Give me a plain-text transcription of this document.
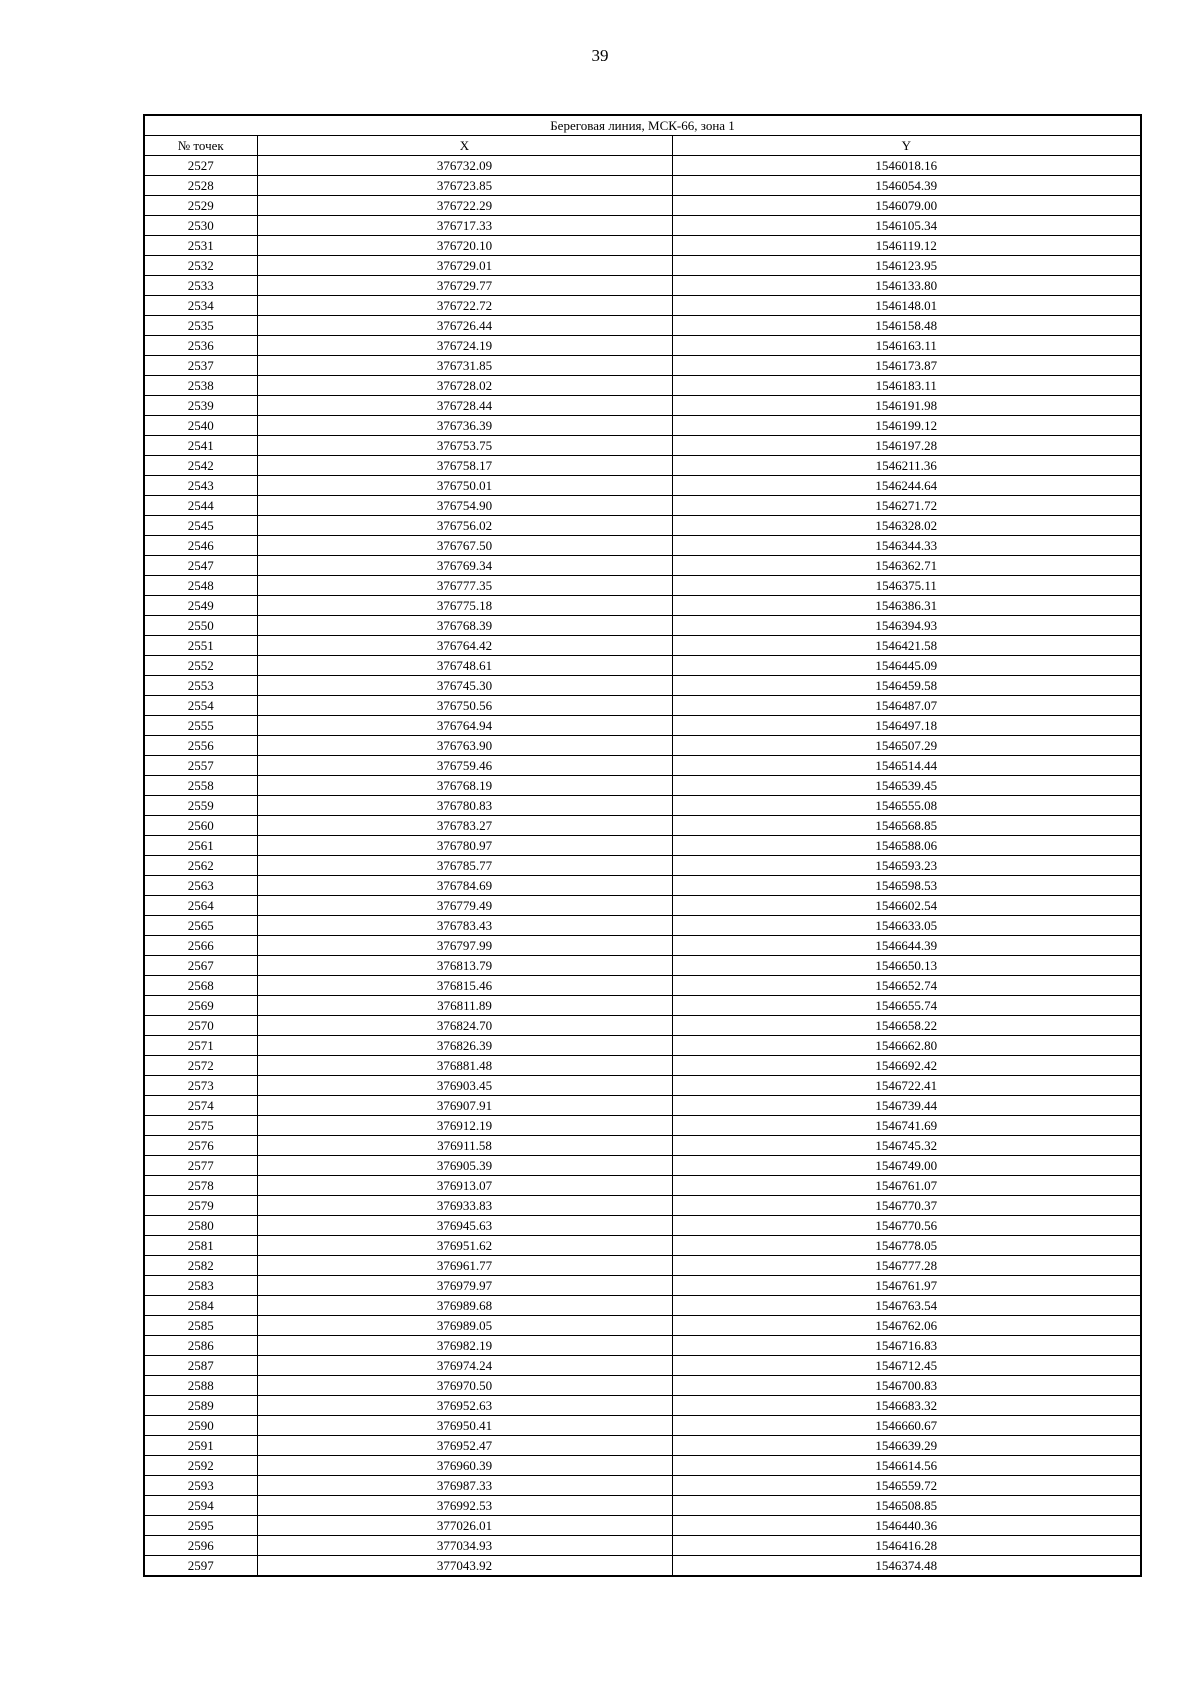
39
Береговая линия, МСК-66, зона 1		
№ точек	X	Y
2527	376732.09	1546018.16
2528	376723.85	1546054.39
2529	376722.29	1546079.00
2530	376717.33	1546105.34
2531	376720.10	1546119.12
2532	376729.01	1546123.95
2533	376729.77	1546133.80
2534	376722.72	1546148.01
2535	376726.44	1546158.48
2536	376724.19	1546163.11
2537	376731.85	1546173.87
2538	376728.02	1546183.11
2539	376728.44	1546191.98
2540	376736.39	1546199.12
2541	376753.75	1546197.28
2542	376758.17	1546211.36
2543	376750.01	1546244.64
2544	376754.90	1546271.72
2545	376756.02	1546328.02
2546	376767.50	1546344.33
2547	376769.34	1546362.71
2548	376777.35	1546375.11
2549	376775.18	1546386.31
2550	376768.39	1546394.93
2551	376764.42	1546421.58
2552	376748.61	1546445.09
2553	376745.30	1546459.58
2554	376750.56	1546487.07
2555	376764.94	1546497.18
2556	376763.90	1546507.29
2557	376759.46	1546514.44
2558	376768.19	1546539.45
2559	376780.83	1546555.08
2560	376783.27	1546568.85
2561	376780.97	1546588.06
2562	376785.77	1546593.23
2563	376784.69	1546598.53
2564	376779.49	1546602.54
2565	376783.43	1546633.05
2566	376797.99	1546644.39
2567	376813.79	1546650.13
2568	376815.46	1546652.74
2569	376811.89	1546655.74
2570	376824.70	1546658.22
2571	376826.39	1546662.80
2572	376881.48	1546692.42
2573	376903.45	1546722.41
2574	376907.91	1546739.44
2575	376912.19	1546741.69
2576	376911.58	1546745.32
2577	376905.39	1546749.00
2578	376913.07	1546761.07
2579	376933.83	1546770.37
2580	376945.63	1546770.56
2581	376951.62	1546778.05
2582	376961.77	1546777.28
2583	376979.97	1546761.97
2584	376989.68	1546763.54
2585	376989.05	1546762.06
2586	376982.19	1546716.83
2587	376974.24	1546712.45
2588	376970.50	1546700.83
2589	376952.63	1546683.32
2590	376950.41	1546660.67
2591	376952.47	1546639.29
2592	376960.39	1546614.56
2593	376987.33	1546559.72
2594	376992.53	1546508.85
2595	377026.01	1546440.36
2596	377034.93	1546416.28
2597	377043.92	1546374.48
